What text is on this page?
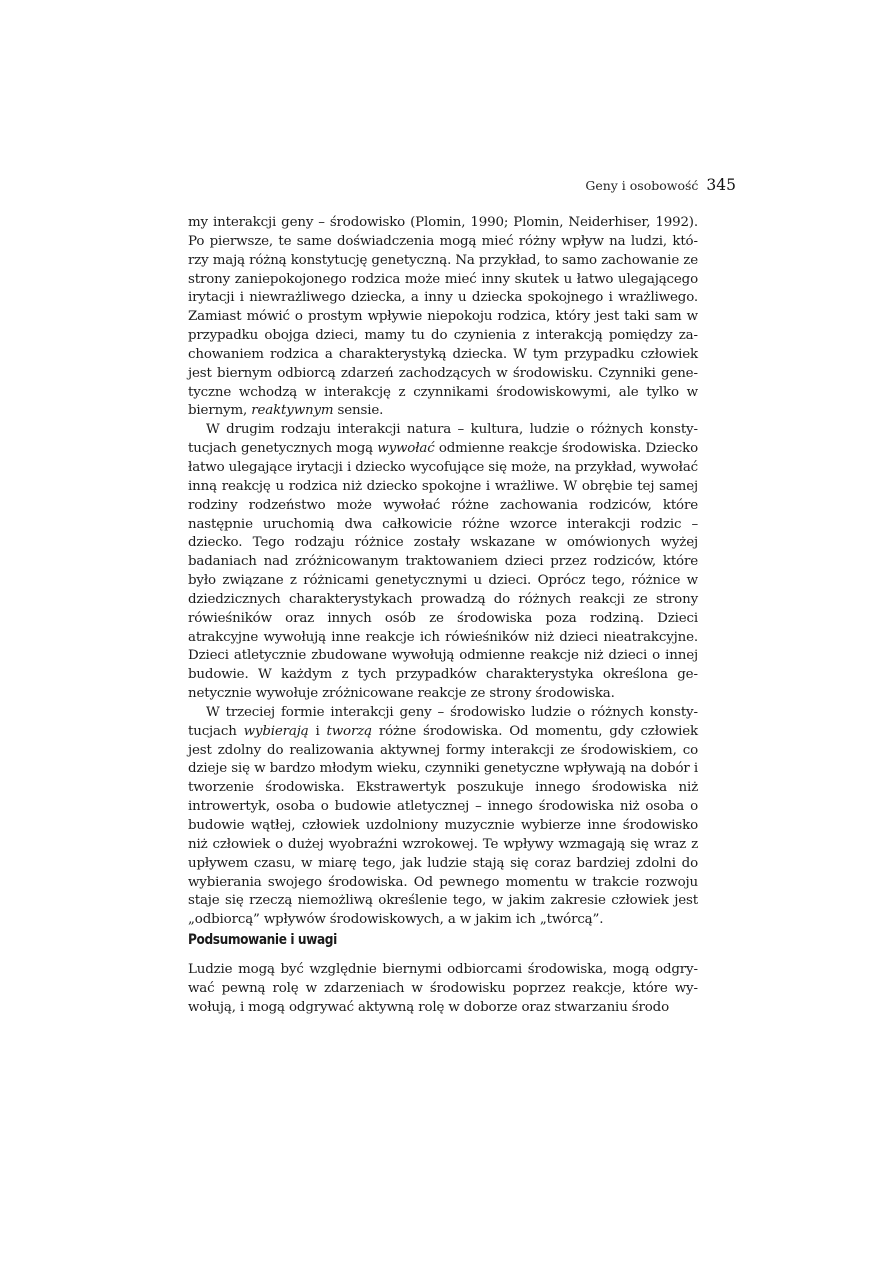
Geny i osobowość 345

my interakcji geny – środowisko (Plomin, 1990; Plomin, Neiderhiser, 1992). Po pierwsze, te same doświadczenia mogą mieć różny wpływ na ludzi, którzy mają różną konstytucję genetyczną. Na przykład, to samo zachowanie ze strony zaniepokojonego rodzica może mieć inny skutek u łatwo ulegającego irytacji i niewrażliwego dziecka, a inny u dziecka spokojnego i wrażliwego. Zamiast mówić o prostym wpływie niepokoju rodzica, który jest taki sam w przypadku obojga dzieci, mamy tu do czynienia z interakcją pomiędzy zachowaniem rodzica a charakterystyką dziecka. W tym przypadku człowiek jest biernym odbiorcą zdarzeń zachodzących w środowisku. Czynniki genetyczne wchodzą w interakcję z czynnikami środowiskowymi, ale tylko w biernym, reaktywnym sensie.

W drugim rodzaju interakcji natura – kultura, ludzie o różnych konstytucjach genetycznych mogą wywołać odmienne reakcje środowiska. Dziecko łatwo ulegające irytacji i dziecko wycofujące się może, na przykład, wywołać inną reakcję u rodzica niż dziecko spokojne i wrażliwe. W obrębie tej samej rodziny rodzeństwo może wywołać różne zachowania rodziców, które następnie uruchomią dwa całkowicie różne wzorce interakcji rodzic – dziecko. Tego rodzaju różnice zostały wskazane w omówionych wyżej badaniach nad zróżnicowanym traktowaniem dzieci przez rodziców, które było związane z różnicami genetycznymi u dzieci. Oprócz tego, różnice w dziedzicznych charakterystykach prowadzą do różnych reakcji ze strony rówieśników oraz innych osób ze środowiska poza rodziną. Dzieci atrakcyjne wywołują inne reakcje ich rówieśników niż dzieci nieatrakcyjne. Dzieci atletycznie zbudowane wywołują odmienne reakcje niż dzieci o innej budowie. W każdym z tych przypadków charakterystyka określona genetycznie wywołuje zróżnicowane reakcje ze strony środowiska.

W trzeciej formie interakcji geny – środowisko ludzie o różnych konstytucjach wybierają i tworzą różne środowiska. Od momentu, gdy człowiek jest zdolny do realizowania aktywnej formy interakcji ze środowiskiem, co dzieje się w bardzo młodym wieku, czynniki genetyczne wpływają na dobór i tworzenie środowiska. Ekstrawertyk poszukuje innego środowiska niż introwertyk, osoba o budowie atletycznej – innego środowiska niż osoba o budowie wątłej, człowiek uzdolniony muzycznie wybierze inne środowisko niż człowiek o dużej wyobraźni wzrokowej. Te wpływy wzmagają się wraz z upływem czasu, w miarę tego, jak ludzie stają się coraz bardziej zdolni do wybierania swojego środowiska. Od pewnego momentu w trakcie rozwoju staje się rzeczą niemożliwą określenie tego, w jakim zakresie człowiek jest „odbiorcą” wpływów środowiskowych, a w jakim ich „twórcą”.

Podsumowanie i uwagi

Ludzie mogą być względnie biernymi odbiorcami środowiska, mogą odgrywać pewną rolę w zdarzeniach w środowisku poprzez reakcje, które wywołują, i mogą odgrywać aktywną rolę w doborze oraz stwarzaniu środo
